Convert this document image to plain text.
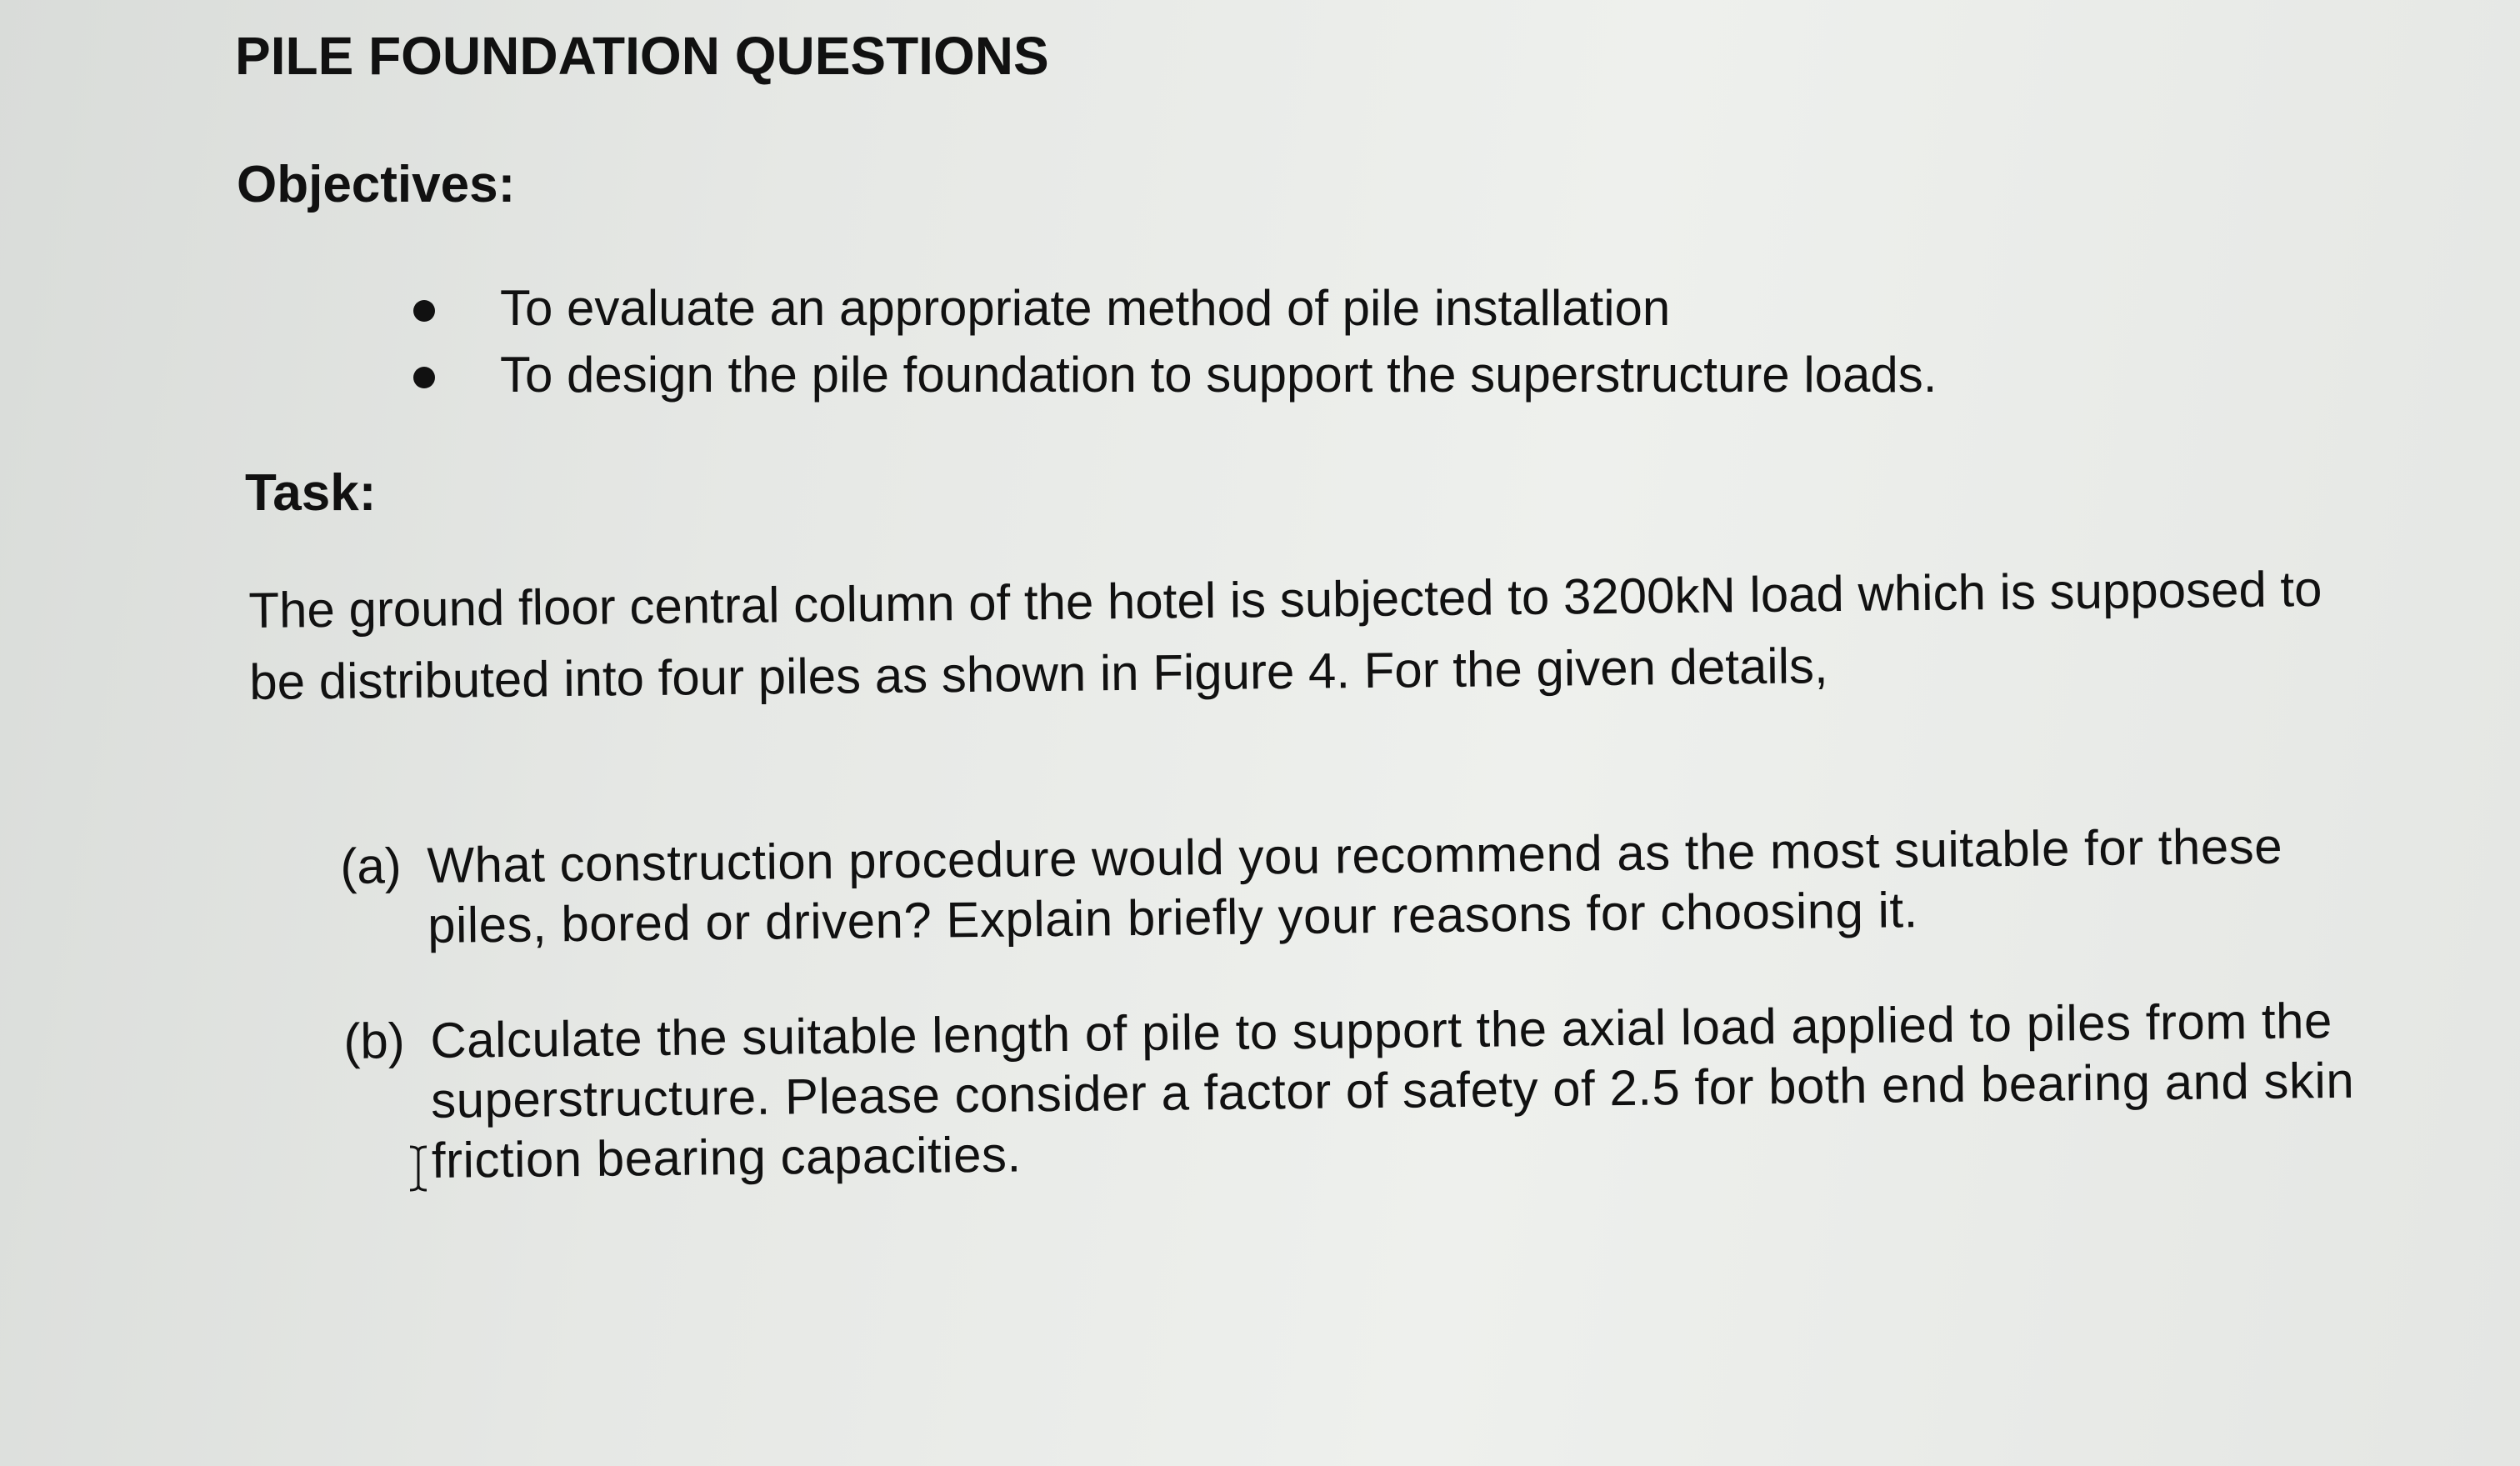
PILE FOUNDATION QUESTIONS
Objectives:
To evaluate an appropriate method of pile installation
To design the pile foundation to support the superstructure loads.
Task:
The ground floor central column of the hotel is subjected to 3200kN load which is supposed to be distributed into four piles as shown in Figure 4. For the given details,
(a) What construction procedure would you recommend as the most suitable for these piles, bored or driven? Explain briefly your reasons for choosing it.
(b) Calculate the suitable length of pile to support the axial load applied to piles from the superstructure. Please consider a factor of safety of 2.5 for both end bearing and skin friction bearing capacities.
